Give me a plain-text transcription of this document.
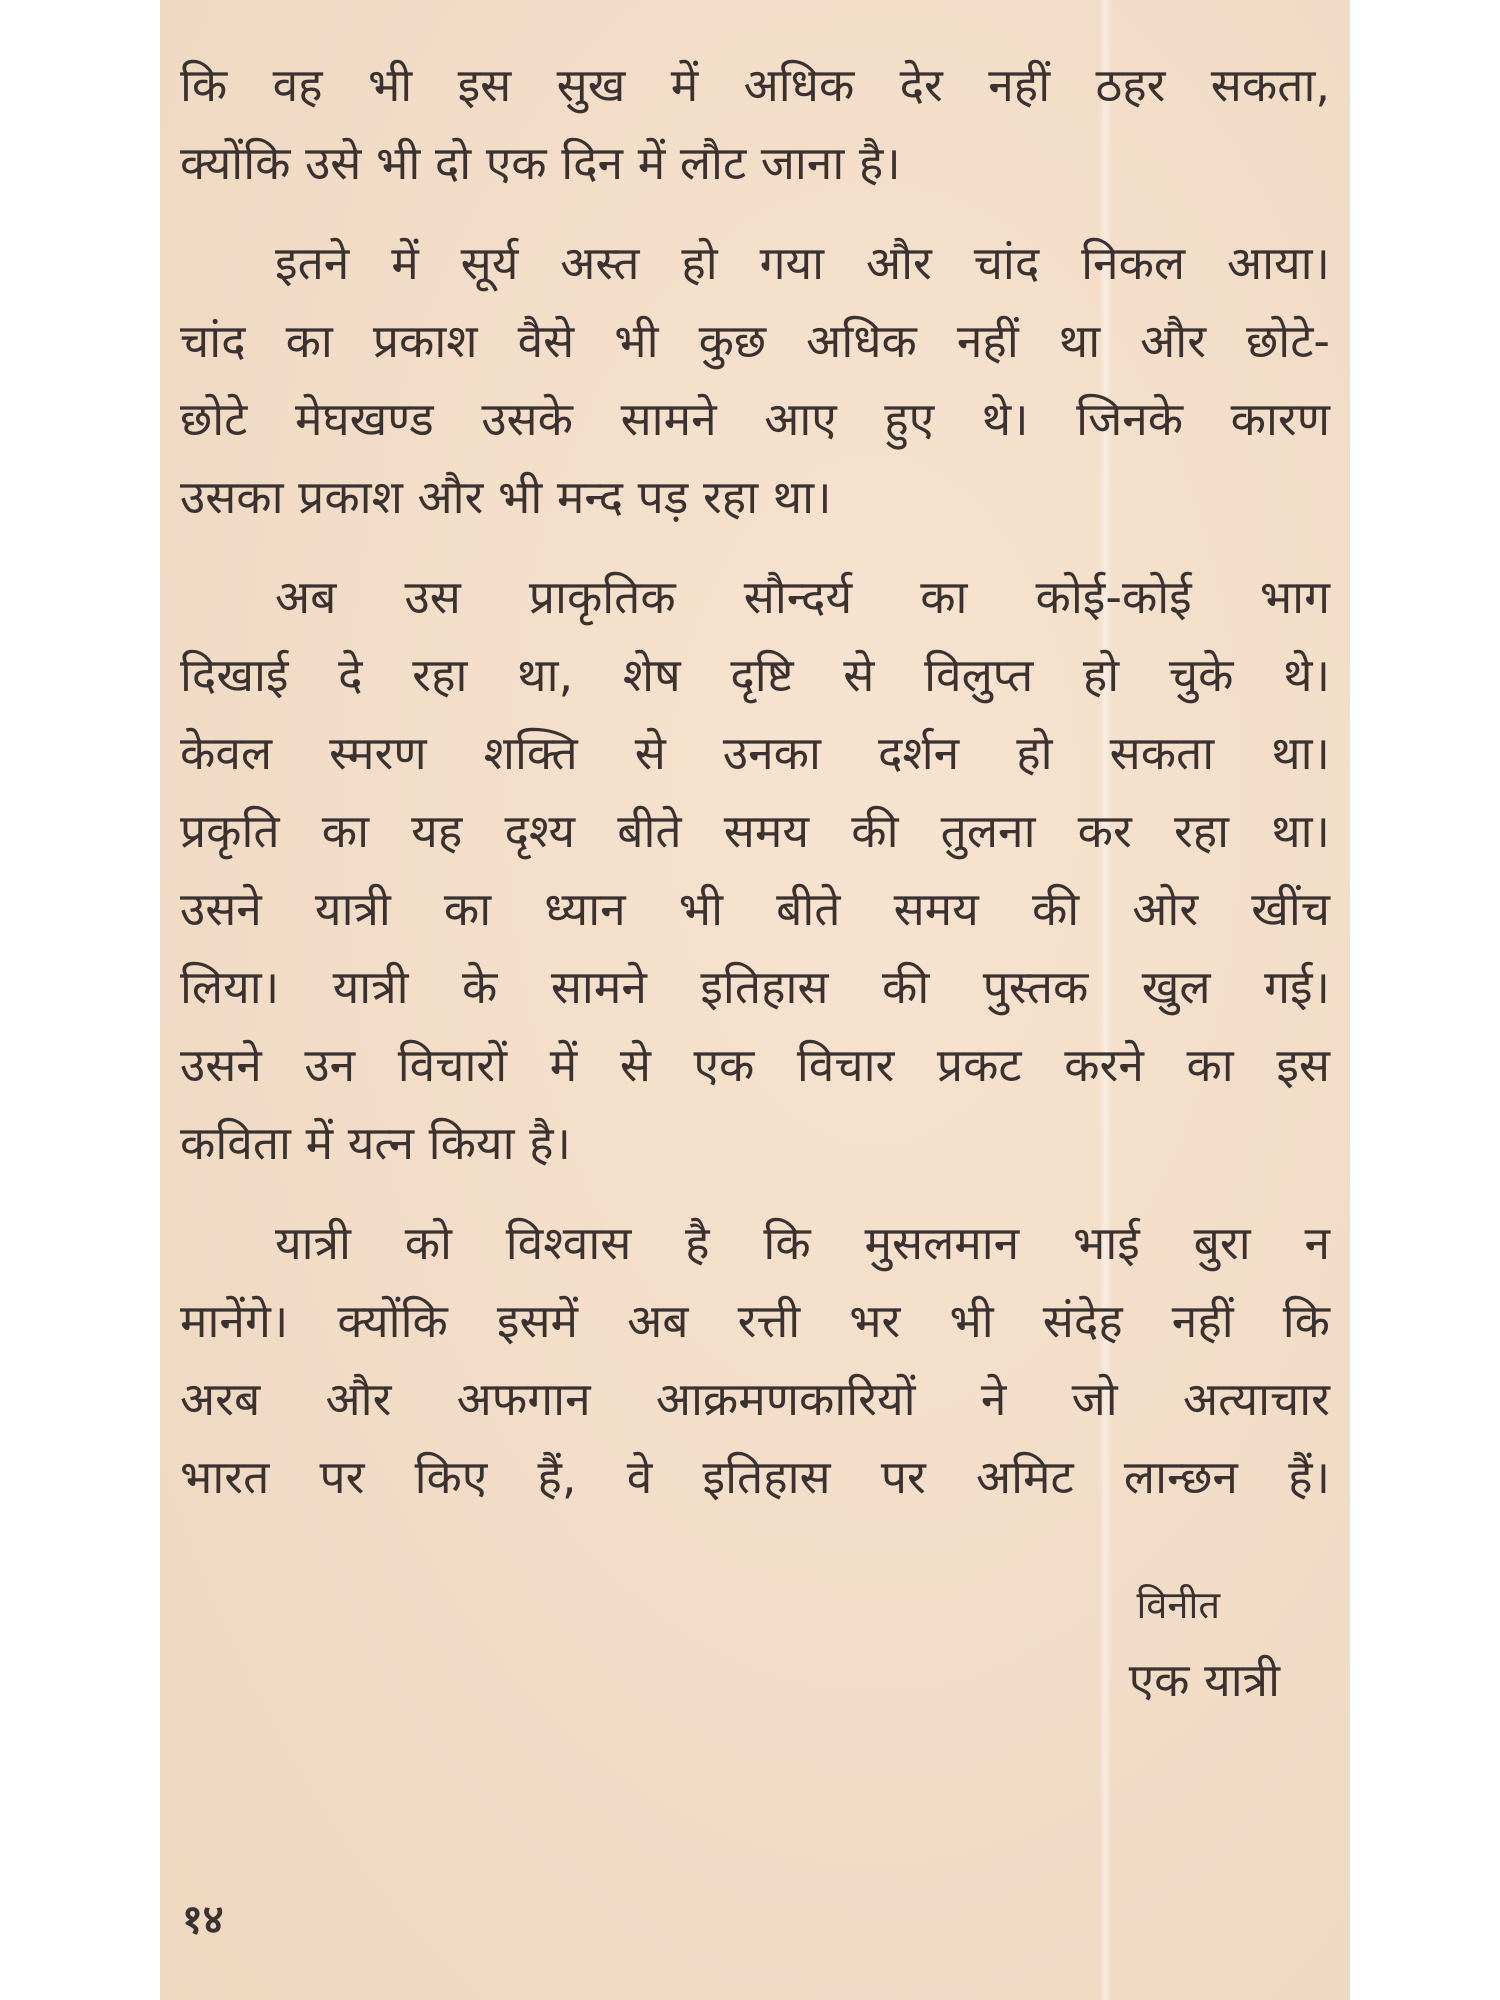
कि वह भी इस सुख में अधिक देर नहीं ठहर सकता,
क्योंकि उसे भी दो एक दिन में लौट जाना है।
इतने में सूर्य अस्त हो गया और चांद निकल आया।
चांद का प्रकाश वैसे भी कुछ अधिक नहीं था और छोटे-
छोटे मेघखण्ड उसके सामने आए हुए थे। जिनके कारण
उसका प्रकाश और भी मन्द पड़ रहा था।
अब उस प्राकृतिक सौन्दर्य का कोई-कोई भाग
दिखाई दे रहा था, शेष दृष्टि से विलुप्त हो चुके थे।
केवल स्मरण शक्ति से उनका दर्शन हो सकता था।
प्रकृति का यह दृश्य बीते समय की तुलना कर रहा था।
उसने यात्री का ध्यान भी बीते समय की ओर खींच
लिया। यात्री के सामने इतिहास की पुस्तक खुल गई।
उसने उन विचारों में से एक विचार प्रकट करने का इस
कविता में यत्न किया है।
यात्री को विश्वास है कि मुसलमान भाई बुरा न
मानेंगे। क्योंकि इसमें अब रत्ती भर भी संदेह नहीं कि
अरब और अफगान आक्रमणकारियों ने जो अत्याचार
भारत पर किए हैं, वे इतिहास पर अमिट लान्छन हैं।
विनीत
एक यात्री
१४
